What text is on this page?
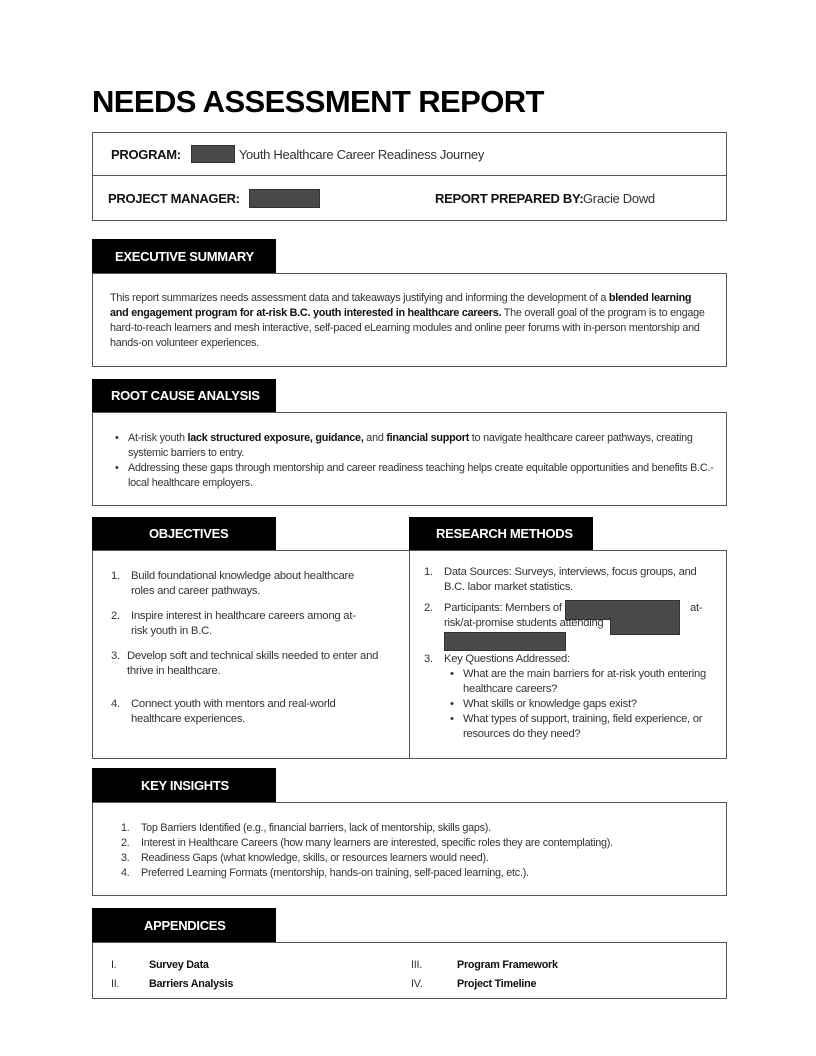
NEEDS ASSESSMENT REPORT
PROGRAM:	Youth Healthcare Career Readiness Journey
PROJECT MANAGER:	REPORT PREPARED BY: Gracie Dowd
EXECUTIVE SUMMARY

This report summarizes needs assessment data and takeaways justifying and informing the development of a blended learning and engagement program for at-risk B.C. youth interested in healthcare careers. The overall goal of the program is to engage hard-to-reach learners and mesh interactive, self-paced eLearning modules and online peer forums with in-person mentorship and hands-on volunteer experiences.

ROOT CAUSE ANALYSIS
• At-risk youth lack structured exposure, guidance, and financial support to navigate healthcare career pathways, creating systemic barriers to entry.
• Addressing these gaps through mentorship and career readiness teaching helps create equitable opportunities and benefits B.C.-local healthcare employers.
OBJECTIVES
1. Build foundational knowledge about healthcare roles and career pathways.
2. Inspire interest in healthcare careers among at-risk youth in B.C.
3. Develop soft and technical skills needed to enter and thrive in healthcare.
4. Connect youth with mentors and real-world healthcare experiences.
RESEARCH METHODS
1. Data Sources: Surveys, interviews, focus groups, and B.C. labor market statistics.
2. Participants: Members of	at-
risk/at-promise students attending
3. Key Questions Addressed:
• What are the main barriers for at-risk youth entering healthcare careers?
• What skills or knowledge gaps exist?
• What types of support, training, field experience, or resources do they need?
KEY INSIGHTS
1.	Top Barriers Identified (e.g., financial barriers, lack of mentorship, skills gaps).
2.	Interest in Healthcare Careers (how many learners are interested, specific roles they are contemplating).
3.	Readiness Gaps (what knowledge, skills, or resources learners would need).
4.	Preferred Learning Formats (mentorship, hands-on training, self-paced learning, etc.).
APPENDICES
I.	Survey Data
II.	Barriers Analysis
III.	Program Framework
IV.	Project Timeline
